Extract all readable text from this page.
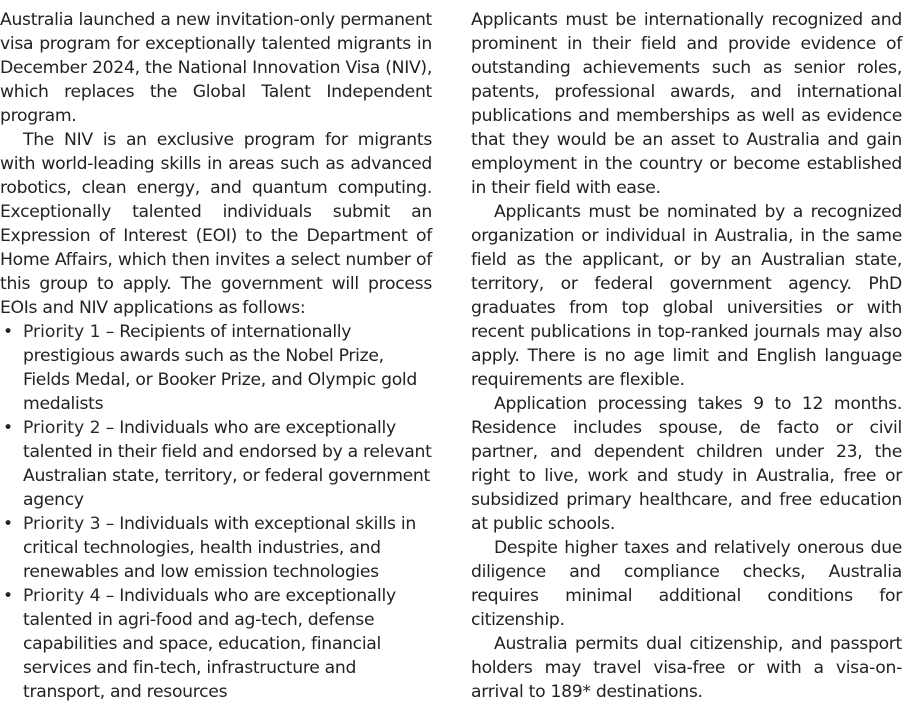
Australia launched a new invitation-only permanent visa program for exceptionally talented migrants in December 2024, the National Innovation Visa (NIV), which replaces the Global Talent Independent program.

The NIV is an exclusive program for migrants with world-leading skills in areas such as advanced robotics, clean energy, and quantum computing. Exceptionally talented individuals submit an Expression of Interest (EOI) to the Department of Home Affairs, which then invites a select number of this group to apply. The government will process EOIs and NIV applications as follows:

• Priority 1 – Recipients of internationally prestigious awards such as the Nobel Prize, Fields Medal, or Booker Prize, and Olympic gold medalists
• Priority 2 – Individuals who are exceptionally talented in their field and endorsed by a relevant Australian state, territory, or federal government agency
• Priority 3 – Individuals with exceptional skills in critical technologies, health industries, and renewables and low emission technologies
• Priority 4 – Individuals who are exceptionally talented in agri-food and ag-tech, defense capabilities and space, education, financial services and fin-tech, infrastructure and transport, and resources

Applicants must be internationally recognized and prominent in their field and provide evidence of outstanding achievements such as senior roles, patents, professional awards, and international publications and memberships as well as evidence that they would be an asset to Australia and gain employment in the country or become established in their field with ease.

Applicants must be nominated by a recognized organization or individual in Australia, in the same field as the applicant, or by an Australian state, territory, or federal government agency. PhD graduates from top global universities or with recent publications in top-ranked journals may also apply. There is no age limit and English language requirements are flexible.

Application processing takes 9 to 12 months. Residence includes spouse, de facto or civil partner, and dependent children under 23, the right to live, work and study in Australia, free or subsidized primary healthcare, and free education at public schools.

Despite higher taxes and relatively onerous due diligence and compliance checks, Australia requires minimal additional conditions for citizenship.

Australia permits dual citizenship, and passport holders may travel visa-free or with a visa-on-arrival to 189* destinations.
